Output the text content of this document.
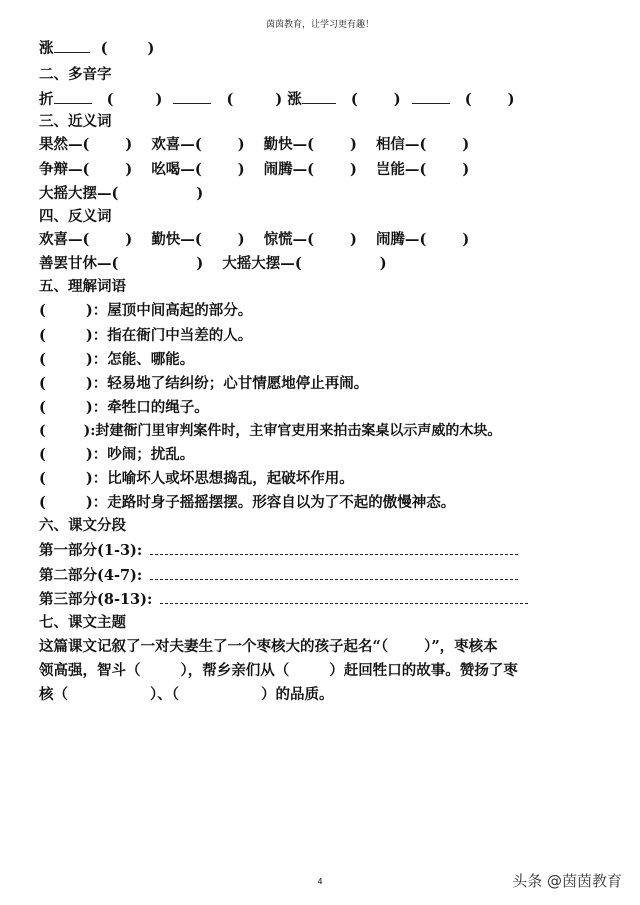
茵茵教育，让学习更有趣！
涨	(	)
二、多音字
折	(	)	(	) 涨	( )	( )
三、近义词
果然—( ) 欢喜—( ) 勤快—( ) 相信—( )
争辩—( ) 吆喝—( ) 闹腾—( ) 岂能—( )
大摇大摆—(	)
四、反义词
欢喜—( ) 勤快—( ) 惊慌—( ) 闹腾—( )
善罢甘休—(	) 大摇大摆—(	)
五、理解词语
(	)：屋顶中间高起的部分。
(	)：指在衙门中当差的人。
(	)：怎能、哪能。
(	)：轻易地了结纠纷；心甘情愿地停止再闹。
(	)：牵牲口的绳子。
(	):封建衙门里审判案件时，主审官吏用来拍击案桌以示声威的木块。
(	)：吵闹；扰乱。
(	)：比喻坏人或坏思想捣乱，起破坏作用。
(	)：走路时身子摇摇摆摆。形容自以为了不起的傲慢神态。
六、课文分段
第一部分(1-3):
第二部分(4-7):
第三部分(8-13):
七、课文主题
这篇课文记叙了一对夫妻生了一个枣核大的孩子起名“（ ）”，枣核本
领高强，智斗（	），帮乡亲们从（	）赶回牲口的故事。赞扬了枣
核（	）、（	）的品质。
4	头条 @茵茵教育
